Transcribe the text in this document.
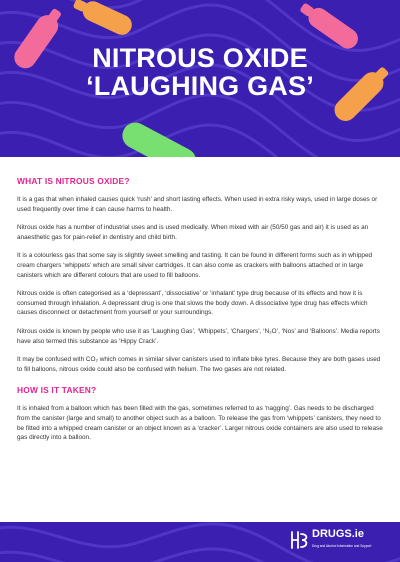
NITROUS OXIDE
‘LAUGHING GAS’
WHAT IS NITROUS OXIDE?

It is a gas that when inhaled causes quick ‘rush’ and short lasting effects. When used in extra risky ways, used in large doses or used frequently over time it can cause harms to health.

Nitrous oxide has a number of industrial uses and is used medically. When mixed with air (50/50 gas and air) it is used as an anaesthetic gas for pain-relief in dentistry and child birth.

It is a colourless gas that some say is slightly sweet smelling and tasting. It can be found in different forms such as in whipped cream chargers ‘whippets’ which are small silver cartridges. It can also come as crackers with balloons attached or in large canisters which are different colours that are used to fill balloons.

Nitrous oxide is often categorised as a ‘depressant’, ‘dissociative’ or ‘inhalant’ type drug because of its effects and how it is consumed through inhalation. A depressant drug is one that slows the body down. A dissociative type drug has effects which causes disconnect or detachment from yourself or your surroundings.

Nitrous oxide is known by people who use it as ‘Laughing Gas’, ‘Whippets’, ‘Chargers’, ‘N₂O’, ‘Nos’ and ‘Balloons’. Media reports have also termed this substance as ‘Hippy Crack’.

It may be confused with CO₂ which comes in similar silver canisters used to inflate bike tyres. Because they are both gases used to fill balloons, nitrous oxide could also be confused with helium. The two gases are not related.

HOW IS IT TAKEN?

It is inhaled from a balloon which has been filled with the gas, sometimes referred to as ‘nagging’. Gas needs to be discharged from the canister (large and small) to another object such as a balloon. To release the gas from ‘whippets’ canisters, they need to be fitted into a whipped cream canister or an object known as a ‘cracker’. Larger nitrous oxide containers are also used to release gas directly into a balloon.

DRUGS.ie
Drug and Alcohol Information and Support
